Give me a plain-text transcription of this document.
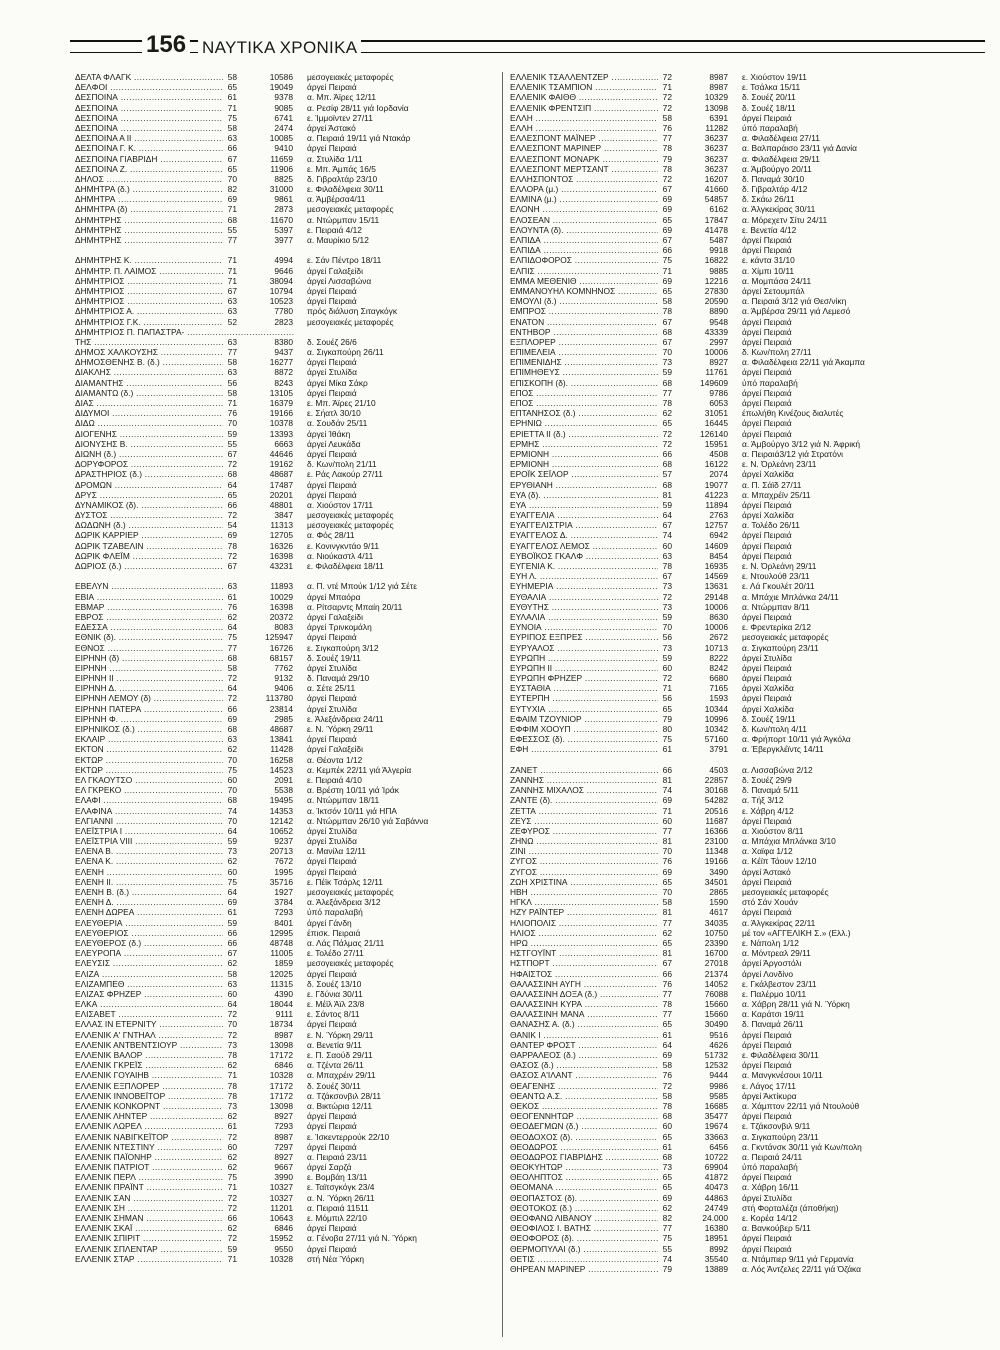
156 ΝΑΥΤΙΚΑ ΧΡΟΝΙΚΑ
ΔΕΛΤΑ ΦΛΑΓΚ .....	58	10586 μεσογειακές μεταφορές
ΔΕΛΦΟΙ .....	65	19049 άργεί Πειραιά
ΔΕΣΠΟΙΝΑ .....	61	9378 α. Μπ. Άϊρες 12/11
ΔΕΣΠΟΙΝΑ .....	71	9085 α. Ρεσίφ 28/11 γιά Ιορδανία
ΔΕΣΠΟΙΝΑ .....	75	6741 ε. Ίμμοϊντεν 27/11
ΔΕΣΠΟΙΝΑ .....	58	2474 άργεί Άστακό
ΔΕΣΠΟΙΝΑ Α II .....	63	10085 α. Πειραιά 19/11 γιά Ντακάρ
ΔΕΣΠΟΙΝΑ Γ. Κ. .....	66	9410 άργεί Πειραιά
ΔΕΣΠΟΙΝΑ ΓΙΑΒΡΙΔΗ .....	67	11659 α. Στυλίδα 1/11
ΔΕΣΠΟΙΝΑ Ζ. .....	65	11906 ε. Μπ. Άμπάς 16/5
ΔΗΛΟΣ .....	70	8825 δ. Γιβραλτάρ 23/10
ΔΗΜΗΤΡΑ (δ.) .....	82	31000 ε. Φιλαδέλφεια 30/11
ΔΗΜΗΤΡΑ .....	69	9861 α. Άμβέρσα4/11
ΔΗΜΗΤΡΑ (δ) .....	71	2873 μεσογειακές μεταφορές
ΔΗΜΗΤΡΗΣ .....	68	11670 α. Ντώρμπαν 15/11
ΔΗΜΗΤΡΗΣ .....	55	5397 ε. Πειραιά 4/12
ΔΗΜΗΤΡΗΣ .....	77	3977 α. Μαυρίκιο 5/12
ΔΗΜΗΤΡΗΣ Κ. .....	71	4994 ε. Σάν Πέντρο 18/11
ΔΗΜΗΤΡ. Π. ΛΑΙΜΟΣ .....	71	9646 άργεί Γαλαξείδι
ΔΗΜΗΤΡΙΟΣ .....	71	38094 άργεί Λισσαβώνα
ΔΗΜΗΤΡΙΟΣ .....	67	10794 άργεί Πειραιά
ΔΗΜΗΤΡΙΟΣ .....	63	10523 άργεί Πειραιά
ΔΗΜΗΤΡΙΟΣ Α. .....	63	7780 πρός διάλυση Σιταγκόγκ
ΔΗΜΗΤΡΙΟΣ Γ.Κ. .....	52	2823 μεσογειακές μεταφορές
ΔΗΜΗΤΡΙΟΣ Π. ΠΑΠΑΣΤΡΑ- .....
ΤΗΣ .....	63	8380 δ. Σουέζ 26/6
ΔΗΜΟΣ ΧΑΛΚΟΥΣΗΣ .....	77	9437 α. Σιγκαπούρη 26/11
ΔΗΜΟΣΘΕΝΗΣ Β. (δ.) .....	58	16277 άργεί Πειραιά
ΔΙΑΚΛΗΣ .....	63	8872 άργεί Στυλίδα
ΔΙΑΜΑΝΤΗΣ .....	56	8243 άργεί Μίκα Σάκρ
ΔΙΑΜΑΝΤΩ (δ.) .....	58	13105 άργεί Πειραιά
ΔΙΑΣ .....	71	16379 ε. Μπ. Άϊρες 21/10
ΔΙΔΥΜΟΙ .....	76	19166 ε. Σήατλ 30/10
ΔΙΔΩ .....	70	10378 α. Σουδάν 25/11
ΔΙΟΓΕΝΗΣ .....	59	13393 άργεί Ίθάκη
ΔΙΟΝΥΣΗΣ Β. .....	55	6663 άργεί Λευκάδα
ΔΙΩΝΗ (δ.) .....	67	44646 άργεί Πειραιά
ΔΟΡΥΦΟΡΟΣ .....	72	19162 δ. Κων/πολη 21/11
ΔΡΑΣΤΗΡΙΟΣ (δ.) .....	68	48687 ε. Ράς Λακούρ 27/11
ΔΡΟΜΩΝ .....	64	17487 άργεί Πειραιά
ΔΡΥΣ .....	65	20201 άργεί Πειραιά
ΔΥΝΑΜΙΚΟΣ (δ). .....	66	48801 α. Χιούστον 17/11
ΔΥΣΤΟΣ .....	72	3847 μεσογειακές μεταφορές
ΔΩΔΩΝΗ (δ.) .....	54	11313 μεσογειακές μεταφορές
ΔΩΡΙΚ ΚΑΡΡΙΕΡ .....	69	12705 α. Φός 28/11
ΔΩΡΙΚ ΤΖΑΒΕΛΙΝ .....	78	16326 ε. Κονινγκντάο 9/11
ΔΩΡΙΚ ΦΛΕΪΜ .....	72	16398 α. Νιούκαστλ 4/11
ΔΩΡΙΟΣ (δ.) .....	67	43231 ε. Φιλαδέλφεια 18/11
ΕΒΕΛΥΝ .....	63	11893 α. Π. ντέ Μπούκ 1/12 γιά Σέτε
ΕΒΙΑ .....	61	10029 άργεί Μπαόρα
ΕΒΜΑΡ .....	76	16398 α. Ρίτσαρντς Μπαίη 20/11
ΕΒΡΟΣ .....	62	20372 άργεί Γαλαξείδι
ΕΔΕΣΣΑ .....	64	8083 άργεί Τρινκομάλη
ΕΘΝΙΚ (δ). .....	75	125947 άργεί Πειραιά
ΕΘΝΟΣ .....	77	16726 ε. Σιγκαπούρη 3/12
ΕΙΡΗΝΗ (δ) .....	68	68157 δ. Σουέζ 19/11
ΕΙΡΗΝΗ .....	58	7762 άργεί Στυλίδα
ΕΙΡΗΝΗ II .....	72	9132 δ. Παναμά 29/10
ΕΙΡΗΝΗ Δ. .....	64	9406 α. Σέτε 25/11
ΕΙΡΗΝΗ ΛΕΜΟΥ (δ) .....	72	113780 άργεί Πειραιά
ΕΙΡΗΝΗ ΠΑΤΕΡΑ .....	66	23814 άργεί Στυλίδα
ΕΙΡΗΝΗ Φ. .....	69	2985 ε. Άλεξάνδρεια 24/11
ΕΙΡΗΝΙΚΟΣ (δ.) .....	68	48687 ε. Ν. Ύόρκη 29/11
ΕΚΛΑΙΡ .....	63	13841 άργεί Πειραιά
ΕΚΤΟΝ .....	62	11428 άργεί Γαλαξείδι
ΕΚΤΩΡ .....	70	16258 α. Θέοντα 1/12
ΕΚΤΩΡ .....	75	14523 α. Κεμπέκ 22/11 γιά Άλγερία
ΕΛ ΓΚΑΟΥΤΣΟ .....	60	2091 ε. Πειραιά 4/10
ΕΛ ΓΚΡΕΚΟ .....	70	5538 α. Βρέστη 10/11 γιά Ίράκ
ΕΛΑΦΙ .....	68	19495 α. Ντώρμπαν 18/11
ΕΛΑΦΙΝΑ .....	74	14353 α. Ίκτσόν 10/11 γιά ΗΠΑ
ΕΛΓΙΑΝΝΙ .....	70	12142 α. Ντώρμπαν 26/10 γιά Σαβάννα
ΕΛΕΪΣΤΡΙΑ Ι .....	64	10652 άργεί Στυλίδα
ΕΛΕΪΣΤΡΙΑ VIII .....	59	9237 άργεί Στυλίδα
ΕΛΕΝΑ Β. .....	73	20713 α. Μανίλα 12/11
ΕΛΕΝΑ Κ. .....	62	7672 άργεί Πειραιά
ΕΛΕΝΗ .....	60	1995 άργεί Πειραιά
ΕΛΕΝΗ II. .....	75	35716 ε. Πέϊκ Τσάρλς 12/11
ΕΛΕΝΗ Β. (δ.) .....	64	1927 μεσογειακές μεταφορές
ΕΛΕΝΗ Δ. .....	69	3784 α. Άλεξάνδρεια 3/12
ΕΛΕΝΗ ΔΩΡΕΑ .....	61	7293 ύπό παραλαβή
ΕΛΕΥΘΕΡΙΑ .....	59	8401 άργεί Γάνδη
ΕΛΕΥΘΕΡΙΟΣ .....	66	12995 έπισκ. Πειραιά
ΕΛΕΥΘΕΡΟΣ (δ.) .....	66	48748 α. Λάς Πάλμας 21/11
ΕΛΕΥΡΟΠΑ .....	67	11005 ε. Τολέδο 27/11
ΕΛΕΥΣΙΣ .....	62	1859 μεσογειακές μεταφορές
ΕΛΙΖΑ .....	58	12025 άργεί Πειραιά
ΕΛΙΖΑΜΠΕΘ .....	63	11315 δ. Σουέζ 13/10
ΕΛΙΖΑΣ ΦΡΗΖΕΡ .....	60	4390 ε. Γδύνια 30/11
ΕΛΚΑ .....	64	18044 ε. Μέϊλ Άϊλ 23/8
ΕΛΙΣΑΒΕΤ .....	72	9111 ε. Σάντος 8/11
ΕΛΛΑΣ ΙΝ ΕΤΕΡΝΙΤΥ .....	70	18734 άργεί Πειραιά
ΕΛΛΕΝΙΚ Α' ΓΝΤΗΑΛ .....	72	8987 ε. Ν. Ύόρκη 29/11
ΕΛΛΕΝΙΚ ΑΝΤΒΕΝΤΣΙΟΥΡ .....	73	13098 α. Βενετία 9/11
ΕΛΛΕΝΙΚ ΒΑΛΟΡ .....	78	17172 ε. Π. Σαούδ 29/11
ΕΛΛΕΝΙΚ ΓΚΡΕΪΣ .....	62	6846 α. Τζέντα 26/11
ΕΛΛΕΝΙΚ ΓΟΥΑΙΗΒ .....	71	10328 α. Μπαχρέιν 29/11
ΕΛΛΕΝΙΚ ΕΞΠΛΟΡΕΡ .....	78	17172 δ. Σουέζ 30/11
ΕΛΛΕΝΙΚ ΙΝΝΟΒΕΪΤΟΡ .....	78	17172 α. Τζάκσονβιλ 28/11
ΕΛΛΕΝΙΚ ΚΟΝΚΟΡΝΤ .....	73	13098 α. Βικτώρια 12/11
ΕΛΛΕΝΙΚ ΛΗΝΤΕΡ .....	62	8927 άργεί Πειραιά
ΕΛΛΕΝΙΚ ΛΩΡΕΛ .....	61	7293 άργεί Πειραιά
ΕΛΛΕΝΙΚ ΝΑΒΙΓΚΕΪΤΟΡ .....	72	8987 ε. Ίσκεντερρούκ 22/10
ΕΛΛΕΝΙΚ ΝΤΕΣΤΙΝΥ .....	60	7297 άργεί Πειραιά
ΕΛΛΕΝΙΚ ΠΑΪΟΝΗΡ .....	62	8927 α. Πειραιά 23/11
ΕΛΛΕΝΙΚ ΠΑΤΡΙΟΤ .....	62	9667 άργεί Σαρζά
ΕΛΛΕΝΙΚ ΠΕΡΛ .....	75	3990 ε. Βομβάη 13/11
ΕΛΛΕΝΙΚ ΠΡΑΪΝΤ .....	71	10327 ε. Ταϊτσγκόγκ 23/4
ΕΛΛΕΝΙΚ ΣΑΝ .....	72	10327 α. Ν. Ύόρκη 26/11
ΕΛΛΕΝΙΚ ΣΗ .....	72	11201 α. Πειραιά 11511
ΕΛΛΕΝΙΚ ΣΗΜΑΝ .....	66	10643 ε. Μόμπιλ 22/10
ΕΛΛΕΝΙΚ ΣΚΑΪ .....	62	6846 άργεί Πειραιά
ΕΛΛΕΝΙΚ ΣΠΙΡΙΤ .....	72	15952 α. Γένοβα 27/11 γιά Ν. Ύόρκη
ΕΛΛΕΝΙΚ ΣΠΛΕΝΤΑΡ .....	59	9550 άργεί Πειραιά
ΕΛΛΕΝΙΚ ΣΤΑΡ .....	71	10328 στή Νέα Ύόρκη
ΕΛΛΕΝΙΚ ΤΣΑΛΛΕΝΤΖΕΡ .....	72	8987 ε. Χιούστον 19/11
ΕΛΛΕΝΙΚ ΤΣΑΜΠΙΟΝ .....	71	8987 ε. Τσάλκα 15/11
ΕΛΛΕΝΙΚ ΦΑΙΘΘ .....	72	10329 δ. Σουέζ 20/11
ΕΛΛΕΝΙΚ ΦΡΕΝΤΣΙΠ .....	72	13098 δ. Σουέζ 18/11
ΕΛΛΗ .....	58	6391 άργεί Πειραιά
ΕΛΛΗ .....	76	11282 ύπό παραλαβή
ΕΛΛΕΣΠΟΝΤ ΜΑΪΝΕΡ .....	77	36237 α. Φιλαδέλφεια 27/11
ΕΛΛΕΣΠΟΝΤ ΜΑΡΙΝΕΡ .....	78	36237 α. Βαλπαράισο 23/11 γιά Δανία
ΕΛΛΕΣΠΟΝΤ ΜΟΝΑΡΚ .....	79	36237 α. Φιλαδέλφεια 29/11
ΕΛΛΕΣΠΟΝΤ ΜΕΡΤΣΑΝΤ .....	78	36237 α. Άμβούργο 20/11
ΕΛΛΗΣΠΟΝΤΟΣ .....	72	16207 δ. Παναμά 30/10
ΕΛΛΟΡΑ (μ.) .....	67	41660 δ. Γιβραλτάρ 4/12
ΕΛΜΙΝΑ (μ.) .....	69	54857 δ. Σκάω 26/11
ΕΛΟΝΗ .....	69	6162 α. Άλγκεκίρας 30/11
ΕΛΟΣΕΑΝ .....	65	17847 α. Μόρεχετν Σίτυ 24/11
ΕΛΟΥΝΤΑ (δ). .....	69	41478 ε. Βενετία 4/12
ΕΛΠΙΔΑ .....	67	5487 άργεί Πειραιά
ΕΛΠΙΔΑ .....	66	9918 άργεί Πειραιά
ΕΛΠΙΔΟΦΟΡΟΣ .....	75	16822 ε. κάντα 31/10
ΕΛΠΙΣ .....	71	9885 α. Χίμπι 10/11
ΕΜΜΑ ΜΕΘΕΝΙΘ .....	69	12216 α. Μομπάσα 24/11
ΕΜΜΑΝΟΥΗΛ ΚΟΜΝΗΝΟΣ .....	65	27830 άργεί Σετουμπάλ
ΕΜΟΥΛΙ (δ.) .....	58	20590 α. Πειραιά 3/12 γιά Θεσ/νίκη
ΕΜΠΡΟΣ .....	78	8890 α. Άμβέρσα 29/11 γιά Λεμεσό
ΕΝΑΤΟΝ .....	67	9548 άργεί Πειραιά
ΕΝΤΗΒΟΡ .....	68	43339 άργεί Πειραιά
ΕΞΠΛΟΡΕΡ .....	67	2997 άργεί Πειραιά
ΕΠΙΜΕΛΕΙΑ .....	70	10006 δ. Κων/πολη 27/11
ΕΠΙΜΕΝΙΔΗΣ .....	73	8927 α. Φιλαδέλφεια 22/11 γιά Άκαμπα
ΕΠΙΜΗΘΕΥΣ .....	59	11761 άργεί Πειραιά
ΕΠΙΣΚΟΠΗ (δ). .....	68	149609 ύπό παραλαβή
ΕΠΟΣ .....	77	9786 άργεί Πειραιά
ΕΠΟΣ .....	78	6053 άργεί Πειραιά
ΕΠΤΑΝΗΣΟΣ (δ.) .....	62	31051 έπωλήθη Κινέζους διαλυτές
ΕΡΗΝΙΩ .....	65	16445 άργεί Πειραιά
ΕΡΙΕΤΤΑ II (δ.) .....	72	126140 άργεί Πειραιά
ΕΡΜΗΣ .....	72	15951 α. Άμβούργο 3/12 γιά Ν. Άφρική
ΕΡΜΙΟΝΗ .....	66	4508 α. Πειραιά3/12 γιά Στρατόνι
ΕΡΜΙΟΝΗ .....	68	16122 ε. Ν. Όρλεάνη 23/11
ΕΡΟΪΚ ΣΕΪΛΟΡ .....	57	2074 άργεί Χαλκίδα
ΕΡΥΘΙΑΝΗ .....	68	19077 α. Π. Σάϊδ 27/11
ΕΥΑ (δ). .....	81	41223 α. Μπαχρέϊν 25/11
ΕΥΑ .....	59	11894 άργεί Πειραιά
ΕΥΑΓΓΕΛΙΑ .....	64	2763 άργεί Χαλκίδα
ΕΥΑΓΓΕΛΙΣΤΡΙΑ .....	67	12757 α. Τολέδο 26/11
ΕΥΑΓΓΕΛΟΣ Δ. .....	74	6942 άργεί Πειραιά
ΕΥΑΓΓΕΛΟΣ ΛΕΜΟΣ .....	60	14609 άργεί Πειραιά
ΕΥΒΟΪΚΟΣ ΓΚΑΛΦ .....	63	8454 άργεί Πειραιά
ΕΥΓΕΝΙΑ Κ. .....	78	16935 ε. Ν. Όρλεάνη 29/11
ΕΥΗ Λ. .....	67	14569 ε. Ντουλούθ 23/11
ΕΥΗΜΕΡΙΑ .....	73	13631 ε. Λά Γκουλέτ 20/11
ΕΥΘΑΛΙΑ .....	72	29148 α. Μπάχιε Μπλάνκα 24/11
ΕΥΘΥΤΗΣ .....	73	10006 α. Ντώρμπαν 8/11
ΕΥΛΑΛΙΑ .....	59	8630 άργεί Πειραιά
ΕΥΝΟΙΑ .....	70	10006 ε. Φρεντερίκα 2/12
ΕΥΡΙΠΟΣ ΕΞΠΡΕΣ .....	56	2672 μεσογειακές μεταφορές
ΕΥΡΥΑΛΟΣ .....	73	10713 α. Σιγκαπούρη 23/11
ΕΥΡΩΠΗ .....	59	8222 άργεί Στυλίδα
ΕΥΡΩΠΗ II .....	60	8242 άργεί Πειραιά
ΕΥΡΩΠΗ ΦΡΗΖΕΡ .....	72	6680 άργεί Πειραιά
ΕΥΣΤΑΘΙΑ .....	71	7165 άργεί Χαλκίδα
ΕΥΤΕΡΠΗ .....	56	1593 άργεί Πειραιά
ΕΥΤΥΧΙΑ .....	65	10344 άργεί Χαλκίδα
ΕΦΑΙΜ ΤΖΟΥΝΙΟΡ .....	79	10996 δ. Σουέζ 19/11
ΕΦΦΙΜ ΧΟΟΥΠ .....	80	10342 δ. Κων/πολη 4/11
ΕΦΕΣΣΟΣ (δ). .....	75	57160 α. Φρήπορτ 10/11 γιά Άγκόλα
ΕΦΗ .....	61	3791 α. Έβεργκλέϊντς 14/11
ΖΑΝΕΤ .....	66	4503 α. Λισσαβώνα 2/12
ΖΑΝΝΗΣ .....	81	22857 δ. Σουέζ 29/9
ΖΑΝΝΗΣ ΜΙΧΑΛΟΣ .....	74	30168 δ. Παναμά 5/11
ΖΑΝΤΕ (δ). .....	69	54282 α. Τήξ 3/12
ΖΕΤΤΑ .....	71	20516 ε. Χάβρη 4/12
ΖΕΥΣ .....	60	11687 άργεί Πειραιά
ΖΕΦΥΡΟΣ .....	77	16366 α. Χιούστον 8/11
ΖΗΝΩ .....	81	23100 α. Μπάχια Μπλάνκα 3/10
ΖΙΝΙ .....	70	11348 α. Χαϊφα 1/12
ΖΥΓΟΣ .....	76	19166 α. Κέϊπ Τάουν 12/10
ΖΥΓΟΣ .....	69	3490 άργεί Άστακό
ΖΩΗ ΧΡΙΣΤΙΝΑ .....	65	34501 άργεί Πειραιά
ΗΒΗ .....	70	2865 μεσογειακές μεταφορές
ΗΓΚΛ .....	58	1590 στό Σάν Χουάν
ΗΖΥ ΡΑΪΝΤΕΡ .....	81	4617 άργεί Πειραιά
ΗΛΙΟΠΟΛΙΣ .....	77	34035 α. Άλγκεκίρας 22/11
ΗΛΙΟΣ .....	62	10750 μέ τον «ΑΓΓΕΛΙΚΗ Σ.» (Ελλ.)
ΗΡΩ .....	65	23390 ε. Νάπολη 1/12
ΗΣΤΓΟΥΪΝΤ .....	81	16700 α. Μόντρεαλ 29/11
ΗΣΤΠΟΡΤ .....	67	27018 άργεί Άργοστόλι
ΗΦΑΙΣΤΟΣ .....	66	21374 άργεί Λονδίνο
ΘΑΛΑΣΣΙΝΗ ΑΥΓΗ .....	76	14052 ε. Γκάλβεστον 23/11
ΘΑΛΑΣΣΙΝΗ ΔΟΞΑ (δ.) .....	77	76088 ε. Παλέρμο 10/11
ΘΑΛΑΣΣΙΝΗ ΚΥΡΑ .....	78	15660 α. Χάβρη 28/11 γιά Ν. Ύόρκη
ΘΑΛΑΣΣΙΝΗ ΜΑΝΑ .....	77	15660 α. Καράτσι 19/11
ΘΑΝΑΣΗΣ Α. (δ.) .....	65	30490 δ. Παναμά 26/11
ΘΑΝΙΚ Ι .....	61	9516 άργεί Πειραιά
ΘΑΝΤΕΡ ΦΡΟΣΤ .....	64	4626 άργεί Πειραιά
ΘΑΡΡΑΛΕΟΣ (δ.) .....	69	51732 ε. Φιλαδέλφεια 30/11
ΘΑΣΟΣ (δ.) .....	58	12532 άργεί Πειραιά
ΘΑΣΟΣ Α'ΙΛΑΝΤ .....	76	9444 α. Μανγκνέσουι 10/11
ΘΕΑΓΕΝΗΣ .....	72	9986 ε. Λάγος 17/11
ΘΕΑΝΤΩ Α.Σ. .....	58	9585 άργεί Άκτίκυρα
ΘΕΚΟΣ .....	78	16685 α. Χάμπτον 22/11 γιά Ντουλούθ
ΘΕΟΓΕΝΝΗΤΩΡ .....	68	35477 άργεί Πειραιά
ΘΕΟΔΕΓΜΩΝ (δ.) .....	60	19674 ε. Τζάκσονβιλ 9/11
ΘΕΟΔΟΧΟΣ (δ). .....	65	33663 α. Σιγκαπούρη 23/11
ΘΕΟΔΩΡΟΣ .....	61	6456 α. Γκντάνσκ 30/11 γιά Κων/πολη
ΘΕΟΔΩΡΟΣ ΓΙΑΒΡΙΔΗΣ .....	68	10722 α. Πειραιά 24/11
ΘΕΟΚΥΗΤΩΡ .....	73	69904 ύπό παραλαβή
ΘΕΟΛΗΠΤΟΣ .....	65	41872 άργεί Πειραιά
ΘΕΟΜΑΝΑ .....	65	40473 α. Χάβρη 16/11
ΘΕΟΠΑΣΤΟΣ (δ). .....	69	44863 άργεί Στυλίδα
ΘΕΟΤΟΚΟΣ (δ.) .....	62	24749 στή Φορταλέζα (άποθήκη)
ΘΕΟΦΑΝΩ ΛΙΒΑΝΟΥ .....	82	24.000 ε. Κορέα 14/12
ΘΕΟΦΙΛΟΣ Ι. ΒΑΤΗΣ .....	77	16380 α. Βανκούβερ 5/11
ΘΕΟΦΟΡΟΣ (δ). .....	75	18951 άργεί Πειραιά
ΘΕΡΜΟΠΥΛΑΙ (δ.) .....	55	8992 άργεί Πειραιά
ΘΕΤΙΣ .....	74	35540 α. Ντάμπιερ 9/11 γιά Γερμανία
ΘΗΡΕΑΝ ΜΑΡΙΝΕΡ .....	79	13889 α. Λός Άντζελες 22/11 γιά Όζάκα
